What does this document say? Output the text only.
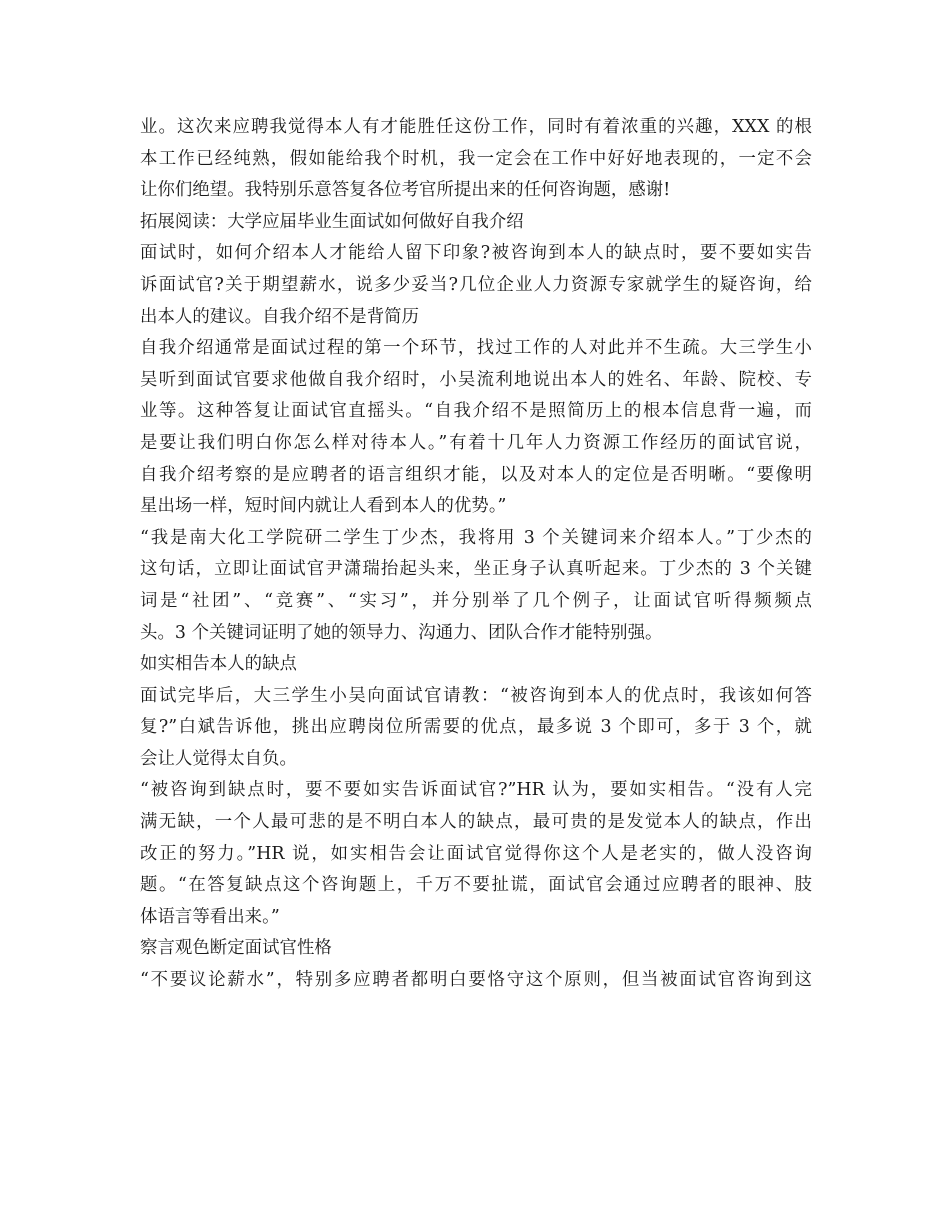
业。这次来应聘我觉得本人有才能胜任这份工作，同时有着浓重的兴趣，XXX 的根
本工作已经纯熟，假如能给我个时机，我一定会在工作中好好地表现的，一定不会
让你们绝望。我特别乐意答复各位考官所提出来的任何咨询题，感谢!
拓展阅读：大学应届毕业生面试如何做好自我介绍
面试时，如何介绍本人才能给人留下印象?被咨询到本人的缺点时，要不要如实告
诉面试官?关于期望薪水，说多少妥当?几位企业人力资源专家就学生的疑咨询，给
出本人的建议。自我介绍不是背简历
自我介绍通常是面试过程的第一个环节，找过工作的人对此并不生疏。大三学生小
吴听到面试官要求他做自我介绍时，小吴流利地说出本人的姓名、年龄、院校、专
业等。这种答复让面试官直摇头。“自我介绍不是照简历上的根本信息背一遍，而
是要让我们明白你怎么样对待本人。”有着十几年人力资源工作经历的面试官说，
自我介绍考察的是应聘者的语言组织才能，以及对本人的定位是否明晰。“要像明
星出场一样，短时间内就让人看到本人的优势。”
“我是南大化工学院研二学生丁少杰，我将用 3 个关键词来介绍本人。”丁少杰的
这句话，立即让面试官尹潇瑞抬起头来，坐正身子认真听起来。丁少杰的 3 个关键
词是“社团”、“竞赛”、“实习”，并分别举了几个例子，让面试官听得频频点
头。3 个关键词证明了她的领导力、沟通力、团队合作才能特别强。
如实相告本人的缺点
面试完毕后，大三学生小吴向面试官请教：“被咨询到本人的优点时，我该如何答
复?”白斌告诉他，挑出应聘岗位所需要的优点，最多说 3 个即可，多于 3 个，就
会让人觉得太自负。
“被咨询到缺点时，要不要如实告诉面试官?”HR 认为，要如实相告。“没有人完
满无缺，一个人最可悲的是不明白本人的缺点，最可贵的是发觉本人的缺点，作出
改正的努力。”HR 说，如实相告会让面试官觉得你这个人是老实的，做人没咨询
题。“在答复缺点这个咨询题上，千万不要扯谎，面试官会通过应聘者的眼神、肢
体语言等看出来。”
察言观色断定面试官性格
“不要议论薪水”，特别多应聘者都明白要恪守这个原则，但当被面试官咨询到这
